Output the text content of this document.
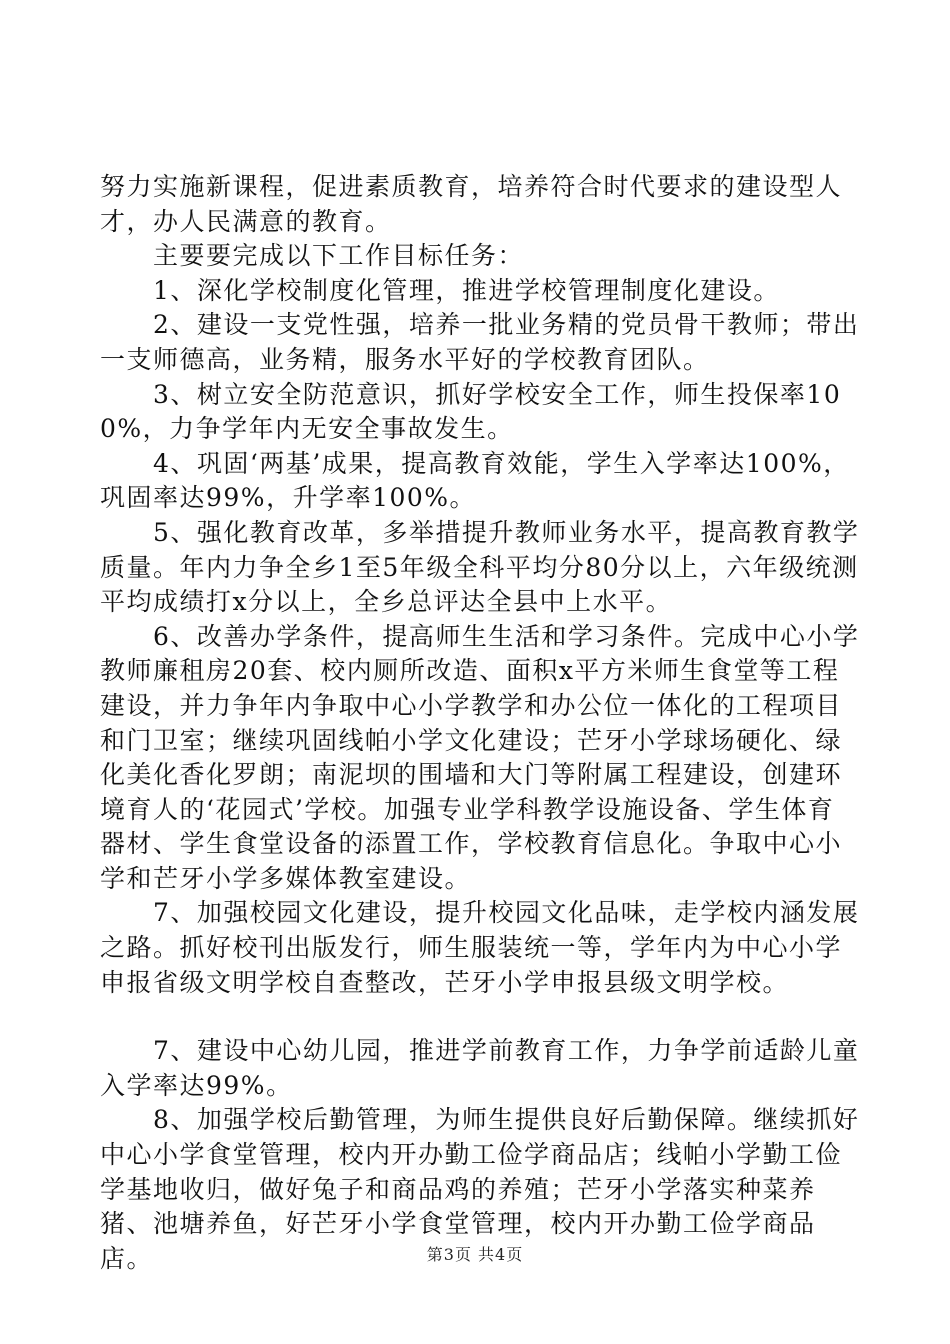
努力实施新课程，促进素质教育，培养符合时代要求的建设型人才，办人民满意的教育。

　　主要要完成以下工作目标任务：

　　1、深化学校制度化管理，推进学校管理制度化建设。

　　2、建设一支党性强，培养一批业务精的党员骨干教师；带出一支师德高，业务精，服务水平好的学校教育团队。

　　3、树立安全防范意识，抓好学校安全工作，师生投保率100%，力争学年内无安全事故发生。

　　4、巩固‘两基’成果，提高教育效能，学生入学率达100%，巩固率达99%，升学率100%。

　　5、强化教育改革，多举措提升教师业务水平，提高教育教学质量。年内力争全乡1至5年级全科平均分80分以上，六年级统测平均成绩打x分以上，全乡总评达全县中上水平。

　　6、改善办学条件，提高师生生活和学习条件。完成中心小学教师廉租房20套、校内厕所改造、面积x平方米师生食堂等工程建设，并力争年内争取中心小学教学和办公位一体化的工程项目和门卫室；继续巩固线帕小学文化建设；芒牙小学球场硬化、绿化美化香化罗朗；南泥坝的围墙和大门等附属工程建设，创建环境育人的‘花园式’学校。加强专业学科教学设施设备、学生体育器材、学生食堂设备的添置工作，学校教育信息化。争取中心小学和芒牙小学多媒体教室建设。

　　7、加强校园文化建设，提升校园文化品味，走学校内涵发展之路。抓好校刊出版发行，师生服装统一等，学年内为中心小学申报省级文明学校自查整改，芒牙小学申报县级文明学校。

　　7、建设中心幼儿园，推进学前教育工作，力争学前适龄儿童入学率达99%。

　　8、加强学校后勤管理，为师生提供良好后勤保障。继续抓好中心小学食堂管理，校内开办勤工俭学商品店；线帕小学勤工俭学基地收归，做好兔子和商品鸡的养殖；芒牙小学落实种菜养猪、池塘养鱼，好芒牙小学食堂管理，校内开办勤工俭学商品店。	第3页 共4页
